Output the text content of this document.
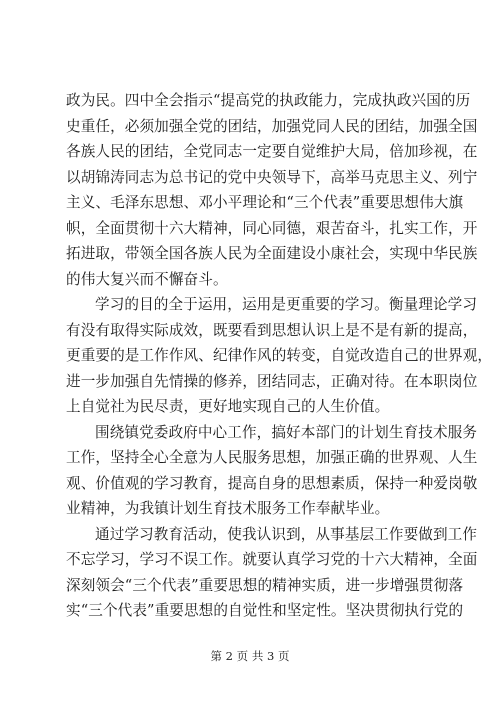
政为民。四中全会指示“提高党的执政能力，完成执政兴国的历
史重任，必须加强全党的团结，加强党同人民的团结，加强全国
各族人民的团结，全党同志一定要自觉维护大局，倍加珍视，在
以胡锦涛同志为总书记的党中央领导下，高举马克思主义、列宁
主义、毛泽东思想、邓小平理论和“三个代表”重要思想伟大旗
帜，全面贯彻十六大精神，同心同德，艰苦奋斗，扎实工作，开
拓进取，带领全国各族人民为全面建设小康社会，实现中华民族
的伟大复兴而不懈奋斗。
学习的目的全于运用，运用是更重要的学习。衡量理论学习
有没有取得实际成效，既要看到思想认识上是不是有新的提高，
更重要的是工作作风、纪律作风的转变，自觉改造自己的世界观，
进一步加强自先情操的修养，团结同志，正确对待。在本职岗位
上自觉社为民尽责，更好地实现自己的人生价值。
围绕镇党委政府中心工作，搞好本部门的计划生育技术服务
工作，坚持全心全意为人民服务思想，加强正确的世界观、人生
观、价值观的学习教育，提高自身的思想素质，保持一种爱岗敬
业精神，为我镇计划生育技术服务工作奉献毕业。
通过学习教育活动，使我认识到，从事基层工作要做到工作
不忘学习，学习不误工作。就要认真学习党的十六大精神，全面
深刻领会“三个代表”重要思想的精神实质，进一步增强贯彻落
实“三个代表”重要思想的自觉性和坚定性。坚决贯彻执行党的
第 2 页 共 3 页
